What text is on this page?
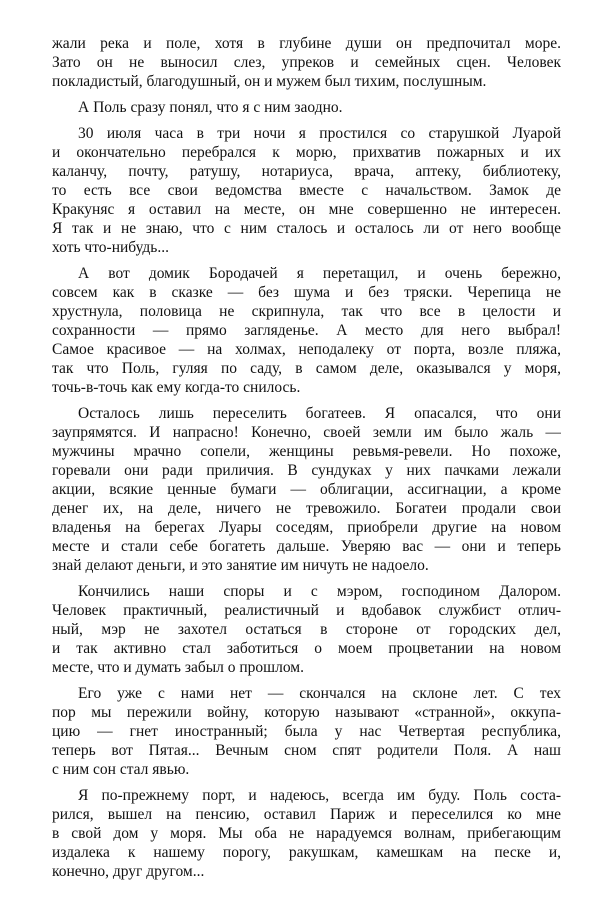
жали река и поле, хотя в глубине души он предпочитал море.
Зато он не выносил слез, упреков и семейных сцен. Человек
покладистый, благодушный, он и мужем был тихим, послушным.
А Поль сразу понял, что я с ним заодно.
30 июля часа в три ночи я простился со старушкой Луарой
и окончательно перебрался к морю, прихватив пожарных и их
каланчу, почту, ратушу, нотариуса, врача, аптеку, библиотеку,
то есть все свои ведомства вместе с начальством. Замок де
Кракуняс я оставил на месте, он мне совершенно не интересен.
Я так и не знаю, что с ним сталось и осталось ли от него вообще
хоть что-нибудь...
А вот домик Бородачей я перетащил, и очень бережно,
совсем как в сказке — без шума и без тряски. Черепица не
хрустнула, половица не скрипнула, так что все в целости и
сохранности — прямо загляденье. А место для него выбрал!
Самое красивое — на холмах, неподалеку от порта, возле пляжа,
так что Поль, гуляя по саду, в самом деле, оказывался у моря,
точь-в-точь как ему когда-то снилось.
Осталось лишь переселить богатеев. Я опасался, что они
заупрямятся. И напрасно! Конечно, своей земли им было жаль —
мужчины мрачно сопели, женщины ревьмя-ревели. Но похоже,
горевали они ради приличия. В сундуках у них пачками лежали
акции, всякие ценные бумаги — облигации, ассигнации, а кроме
денег их, на деле, ничего не тревожило. Богатеи продали свои
владенья на берегах Луары соседям, приобрели другие на новом
месте и стали себе богатеть дальше. Уверяю вас — они и теперь
знай делают деньги, и это занятие им ничуть не надоело.
Кончились наши споры и с мэром, господином Далором.
Человек практичный, реалистичный и вдобавок службист отлич-
ный, мэр не захотел остаться в стороне от городских дел,
и так активно стал заботиться о моем процветании на новом
месте, что и думать забыл о прошлом.
Его уже с нами нет — скончался на склоне лет. С тех
пор мы пережили войну, которую называют «странной», оккупа-
цию — гнет иностранный; была у нас Четвертая республика,
теперь вот Пятая... Вечным сном спят родители Поля. А наш
с ним сон стал явью.
Я по-прежнему порт, и надеюсь, всегда им буду. Поль соста-
рился, вышел на пенсию, оставил Париж и переселился ко мне
в свой дом у моря. Мы оба не нарадуемся волнам, прибегающим
издалека к нашему порогу, ракушкам, камешкам на песке и,
конечно, друг другом...
